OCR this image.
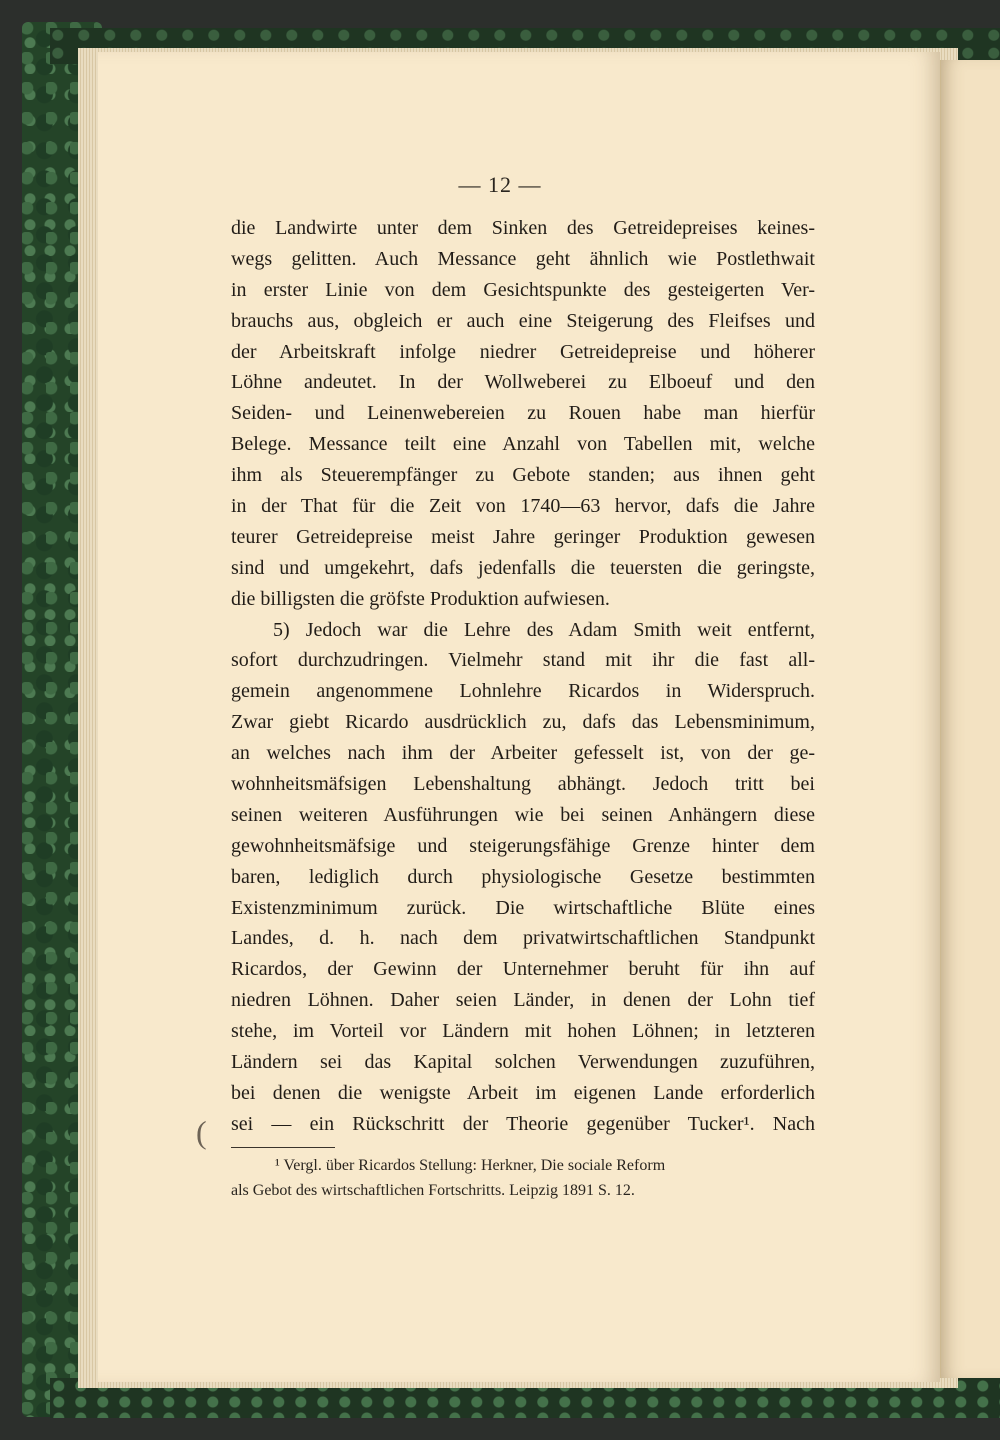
— 12 —
die Landwirte unter dem Sinken des Getreidepreises keines-
wegs gelitten. Auch Messance geht ähnlich wie Postlethwait
in erster Linie von dem Gesichtspunkte des gesteigerten Ver-
brauchs aus, obgleich er auch eine Steigerung des Fleifses und
der Arbeitskraft infolge niedrer Getreidepreise und höherer
Löhne andeutet. In der Wollweberei zu Elboeuf und den
Seiden- und Leinenwebereien zu Rouen habe man hierfür
Belege. Messance teilt eine Anzahl von Tabellen mit, welche
ihm als Steuerempfänger zu Gebote standen; aus ihnen geht
in der That für die Zeit von 1740—63 hervor, dafs die Jahre
teurer Getreidepreise meist Jahre geringer Produktion gewesen
sind und umgekehrt, dafs jedenfalls die teuersten die geringste,
die billigsten die gröfste Produktion aufwiesen.
5) Jedoch war die Lehre des Adam Smith weit entfernt,
sofort durchzudringen. Vielmehr stand mit ihr die fast all-
gemein angenommene Lohnlehre Ricardos in Widerspruch.
Zwar giebt Ricardo ausdrücklich zu, dafs das Lebensminimum,
an welches nach ihm der Arbeiter gefesselt ist, von der ge-
wohnheitsmäfsigen Lebenshaltung abhängt. Jedoch tritt bei
seinen weiteren Ausführungen wie bei seinen Anhängern diese
gewohnheitsmäfsige und steigerungsfähige Grenze hinter dem
baren, lediglich durch physiologische Gesetze bestimmten
Existenzminimum zurück. Die wirtschaftliche Blüte eines
Landes, d. h. nach dem privatwirtschaftlichen Standpunkt
Ricardos, der Gewinn der Unternehmer beruht für ihn auf
niedren Löhnen. Daher seien Länder, in denen der Lohn tief
stehe, im Vorteil vor Ländern mit hohen Löhnen; in letzteren
Ländern sei das Kapital solchen Verwendungen zuzuführen,
bei denen die wenigste Arbeit im eigenen Lande erforderlich
sei — ein Rückschritt der Theorie gegenüber Tucker¹. Nach
(
¹ Vergl. über Ricardos Stellung: Herkner, Die sociale Reform
als Gebot des wirtschaftlichen Fortschritts. Leipzig 1891 S. 12.
